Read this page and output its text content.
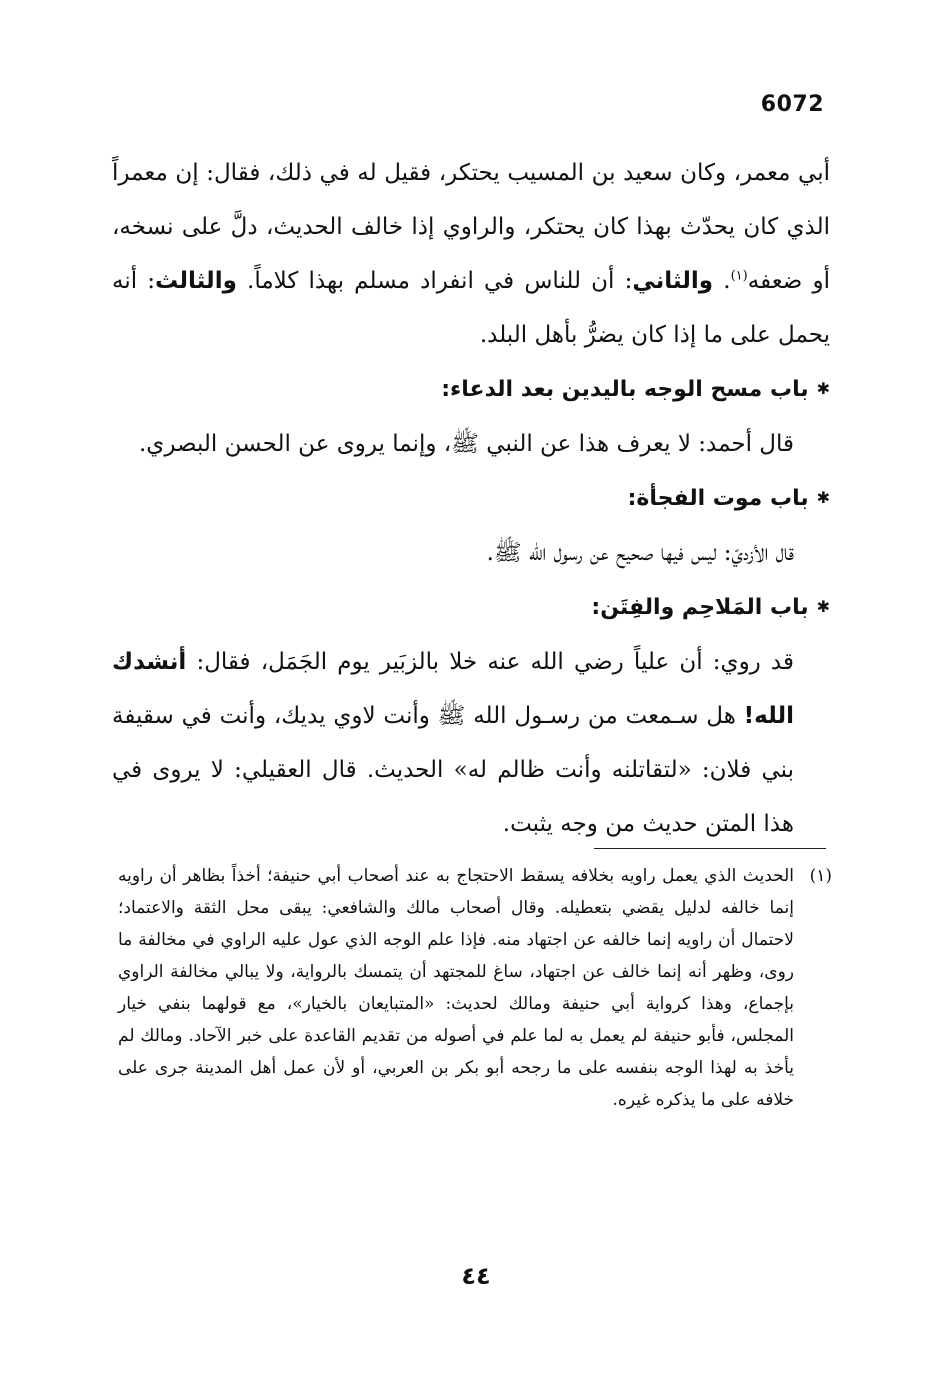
6072

أبي معمر، وكان سعيد بن المسيب يحتكر، فقيل له في ذلك، فقال: إن معمراً الذي كان يحدّث بهذا كان يحتكر، والراوي إذا خالف الحديث، دلَّ على نسخه، أو ضعفه$^{(١)}$. والثاني: أن للناس في انفراد مسلم بهذا كلاماً. والثالث: أنه يحمل على ما إذا كان يضرُّ بأهل البلد.

✱باب مسح الوجه باليدين بعد الدعاء:

قال أحمد: لا يعرف هذا عن النبي ﷺ، وإنما يروى عن الحسن البصري.

✱باب موت الفجأة:

قال الأزديّ: ليس فيها صحيح عن رسول الله ﷺ.

✱باب المَلاحِم والفِتَن:

قد روي: أن علياً رضي الله عنه خلا بالزبَير يوم الجَمَل، فقال: أنشدك الله! هل سـمعت من رسـول الله ﷺ وأنت لاوي يديك، وأنت في سقيفة بني فلان: «لتقاتلنه وأنت ظالم له» الحديث. قال العقيلي: لا يروى في هذا المتن حديث من وجه يثبت.

(١)
الحديث الذي يعمل راويه بخلافه يسقط الاحتجاج به عند أصحاب أبي حنيفة؛ أخذاً بظاهر أن راويه إنما خالفه لدليل يقضي بتعطيله. وقال أصحاب مالك والشافعي: يبقى محل الثقة والاعتماد؛ لاحتمال أن راويه إنما خالفه عن اجتهاد منه. فإذا علم الوجه الذي عول عليه الراوي في مخالفة ما روى، وظهر أنه إنما خالف عن اجتهاد، ساغ للمجتهد أن يتمسك بالرواية، ولا يبالي مخالفة الراوي بإجماع، وهذا كرواية أبي حنيفة ومالك لحديث: «المتبايعان بالخيار»، مع قولهما بنفي خيار المجلس، فأبو حنيفة لم يعمل به لما علم في أصوله من تقديم القاعدة على خبر الآحاد. ومالك لم يأخذ به لهذا الوجه بنفسه على ما رجحه أبو بكر بن العربي، أو لأن عمل أهل المدينة جرى على خلافه على ما يذكره غيره.
٤٤
